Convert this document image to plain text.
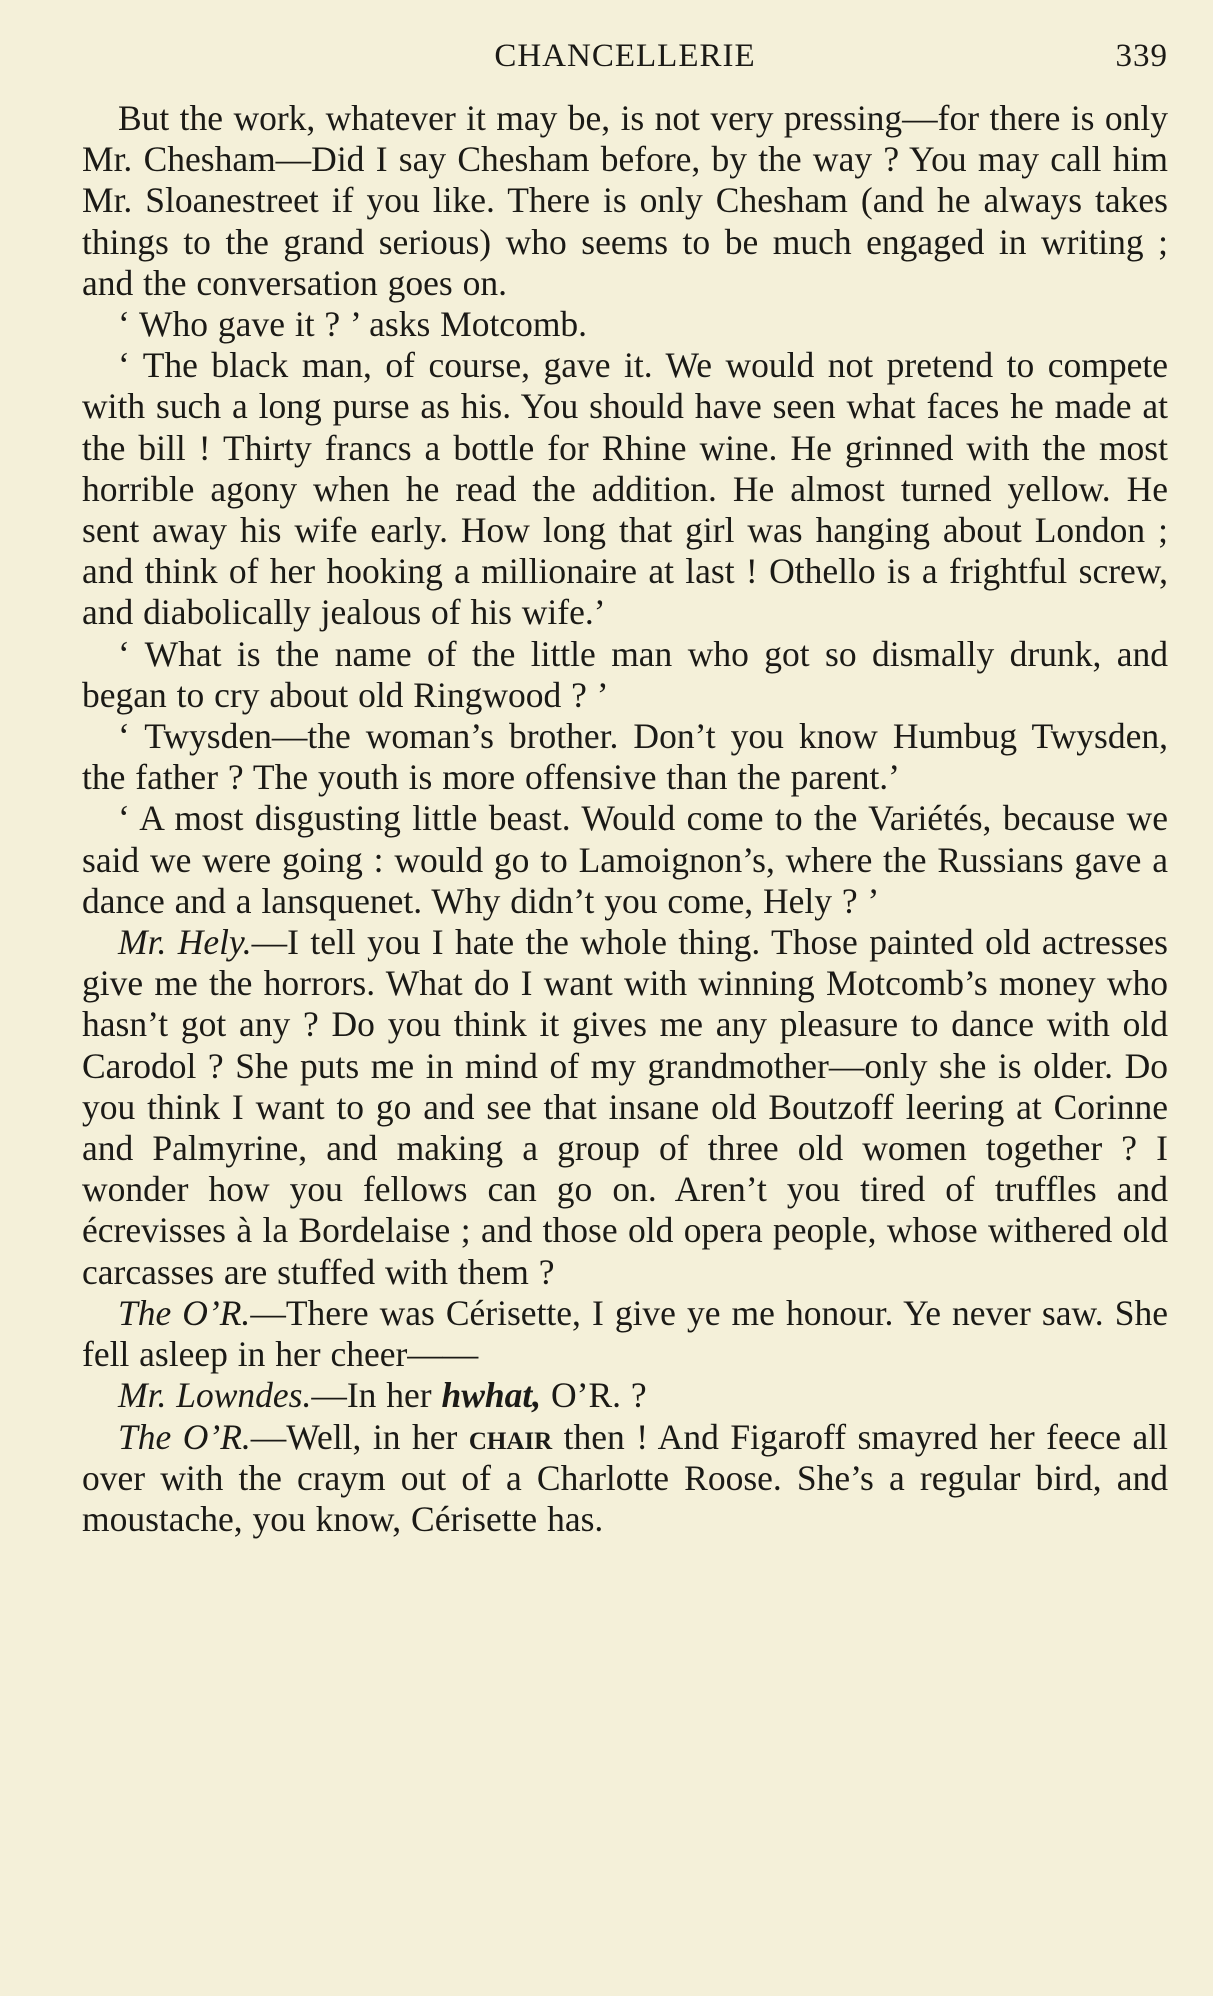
CHANCELLERIE	339

But the work, whatever it may be, is not very pressing—for there is only Mr. Chesham—Did I say Chesham before, by the way ? You may call him Mr. Sloanestreet if you like. There is only Chesham (and he always takes things to the grand serious) who seems to be much engaged in writing ; and the conversation goes on.

‘ Who gave it ? ’ asks Motcomb.

‘ The black man, of course, gave it. We would not pretend to compete with such a long purse as his. You should have seen what faces he made at the bill ! Thirty francs a bottle for Rhine wine. He grinned with the most horrible agony when he read the addition. He almost turned yellow. He sent away his wife early. How long that girl was hanging about London ; and think of her hooking a millionaire at last ! Othello is a frightful screw, and diabolically jealous of his wife.’

‘ What is the name of the little man who got so dismally drunk, and began to cry about old Ringwood ? ’

‘ Twysden—the woman’s brother. Don’t you know Humbug Twysden, the father ? The youth is more offensive than the parent.’

‘ A most disgusting little beast. Would come to the Variétés, because we said we were going : would go to Lamoignon’s, where the Russians gave a dance and a lansquenet. Why didn’t you come, Hely ? ’

Mr. Hely.—I tell you I hate the whole thing. Those painted old actresses give me the horrors. What do I want with winning Motcomb’s money who hasn’t got any ? Do you think it gives me any pleasure to dance with old Carodol ? She puts me in mind of my grandmother—only she is older. Do you think I want to go and see that insane old Boutzoff leering at Corinne and Palmyrine, and making a group of three old women together ? I wonder how you fellows can go on. Aren’t you tired of truffles and écrevisses à la Bordelaise ; and those old opera people, whose withered old carcasses are stuffed with them ?

The O’R.—There was Cérisette, I give ye me honour. Ye never saw. She fell asleep in her cheer——

Mr. Lowndes.—In her hwhat, O’R. ?

The O’R.—Well, in her chair then ! And Figaroff smayred her feece all over with the craym out of a Charlotte Roose. She’s a regular bird, and moustache, you know, Cérisette has.
